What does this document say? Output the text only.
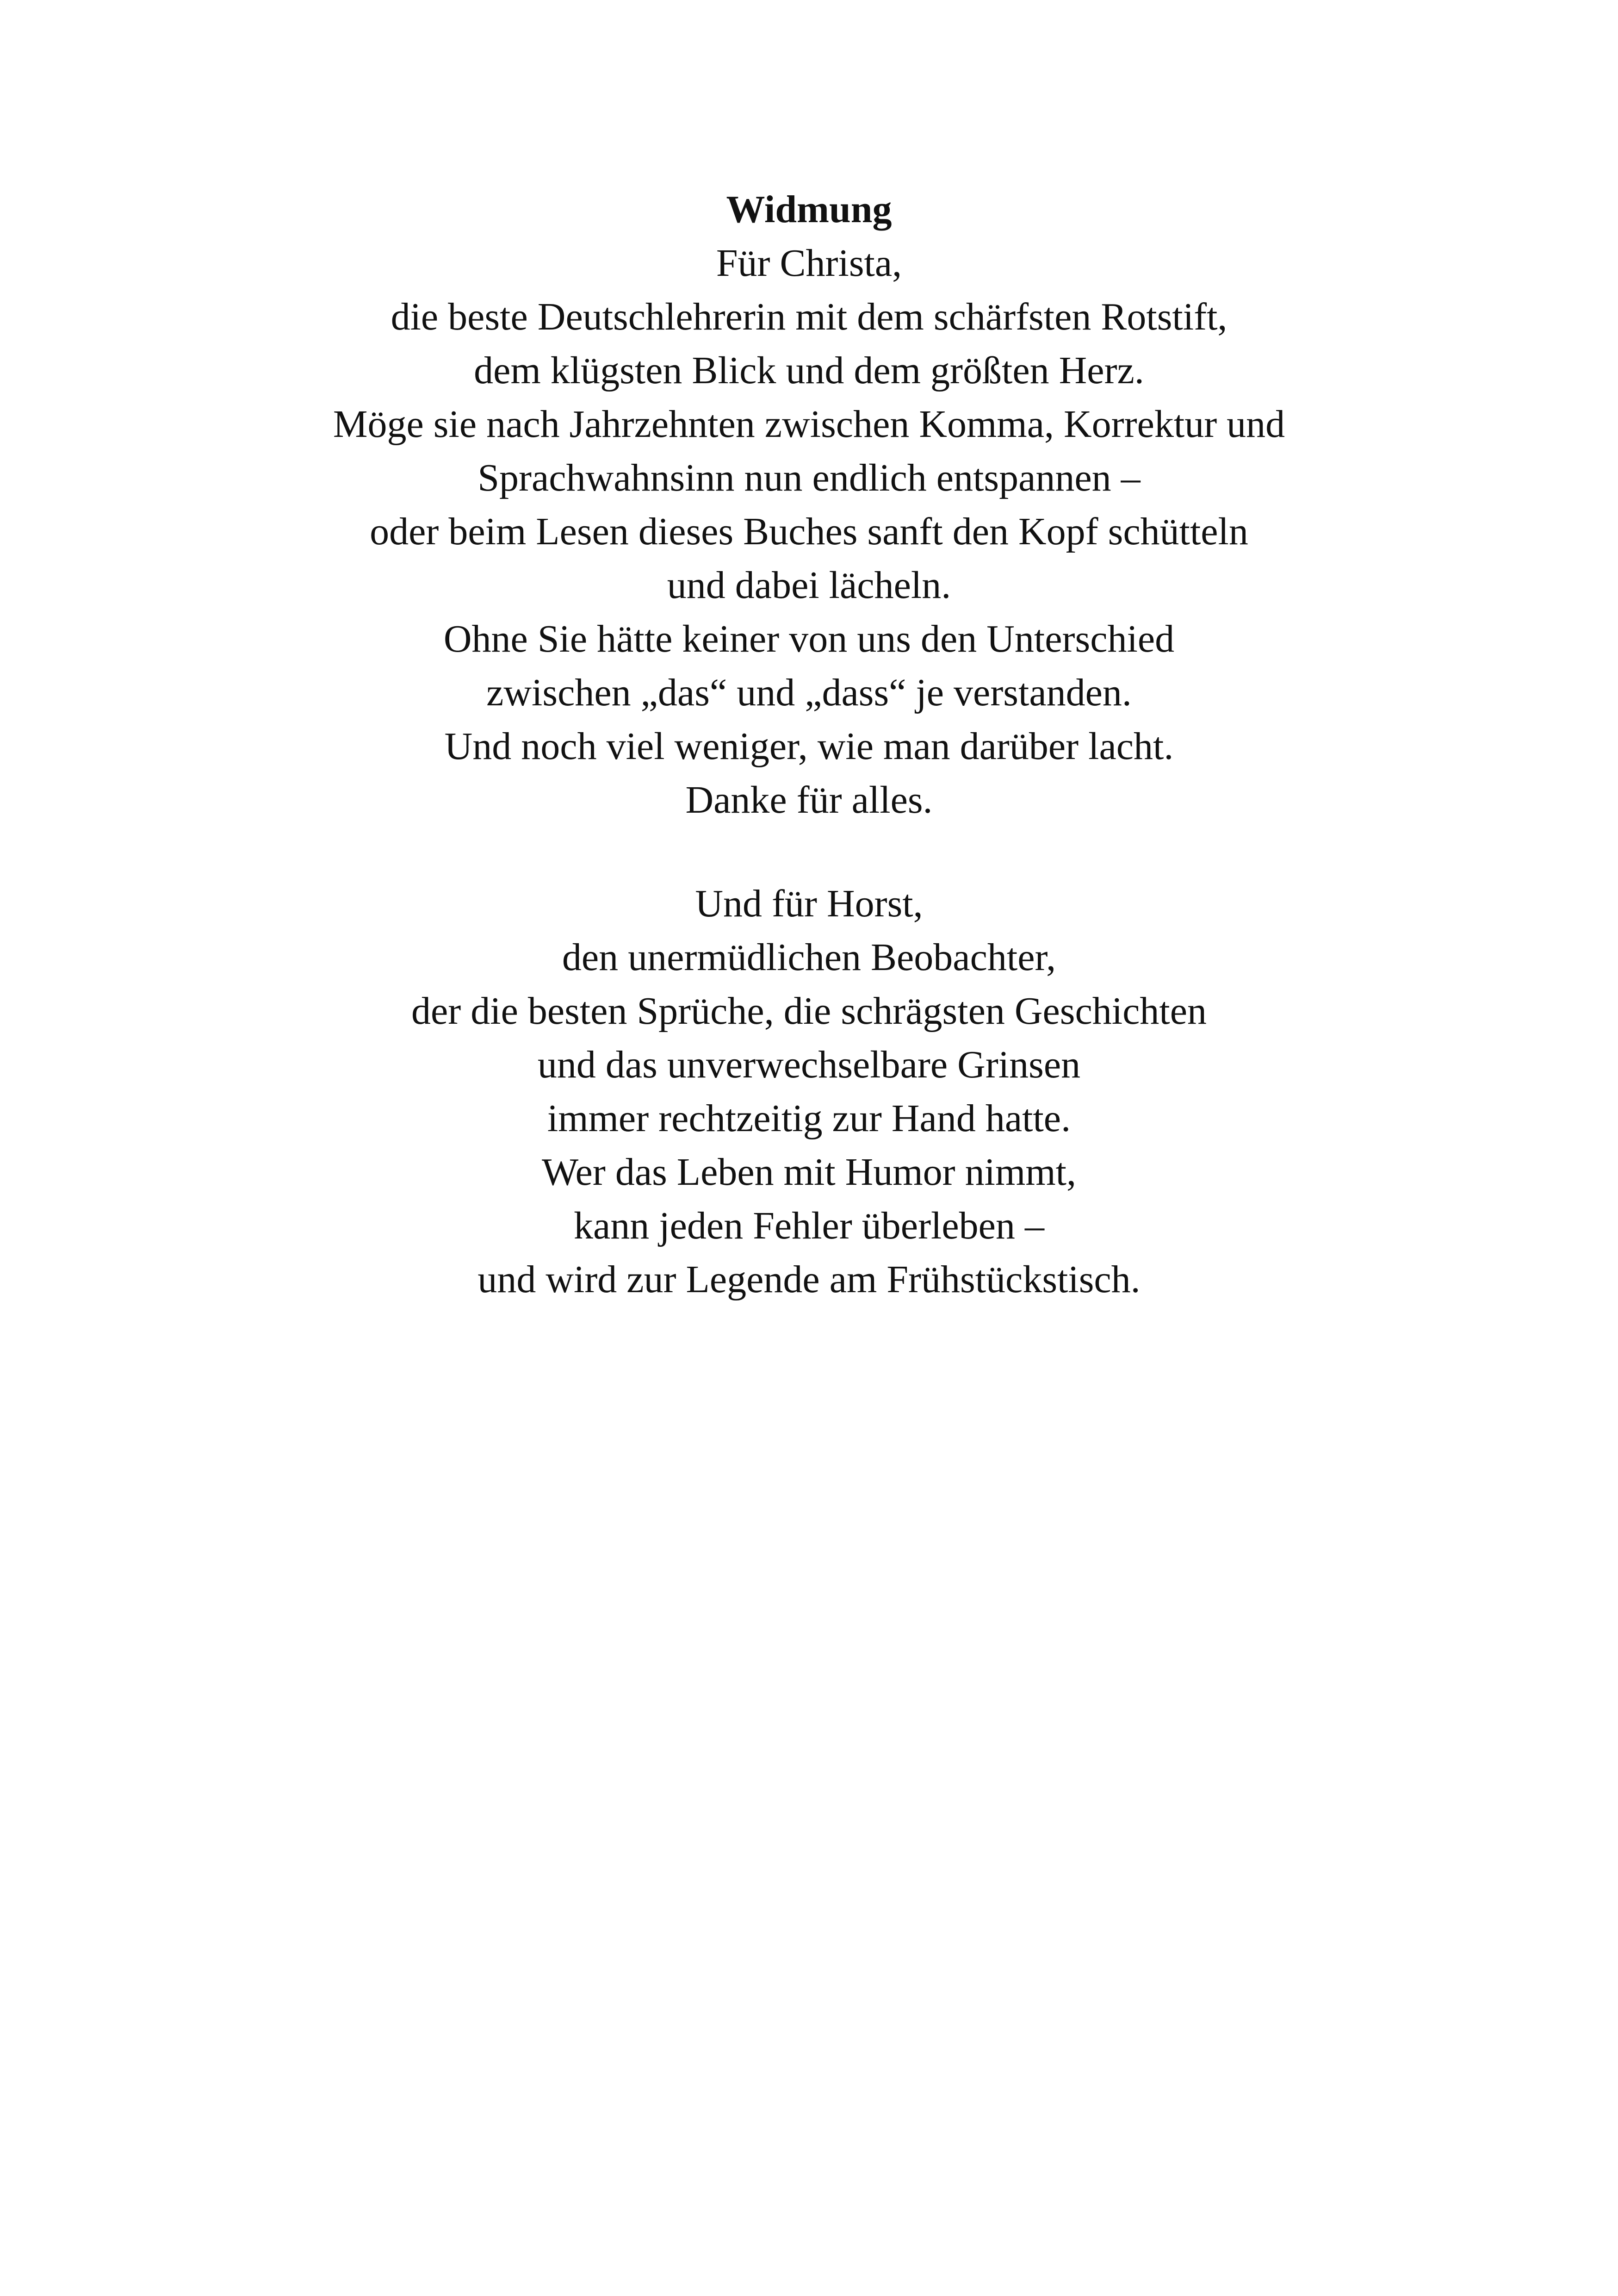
Widmung
Für Christa,
die beste Deutschlehrerin mit dem schärfsten Rotstift,
dem klügsten Blick und dem größten Herz.
Möge sie nach Jahrzehnten zwischen Komma, Korrektur und
Sprachwahnsinn nun endlich entspannen –
oder beim Lesen dieses Buches sanft den Kopf schütteln
und dabei lächeln.
Ohne Sie hätte keiner von uns den Unterschied
zwischen „das“ und „dass“ je verstanden.
Und noch viel weniger, wie man darüber lacht.
Danke für alles.
Und für Horst,
den unermüdlichen Beobachter,
der die besten Sprüche, die schrägsten Geschichten
und das unverwechselbare Grinsen
immer rechtzeitig zur Hand hatte.
Wer das Leben mit Humor nimmt,
kann jeden Fehler überleben –
und wird zur Legende am Frühstückstisch.
